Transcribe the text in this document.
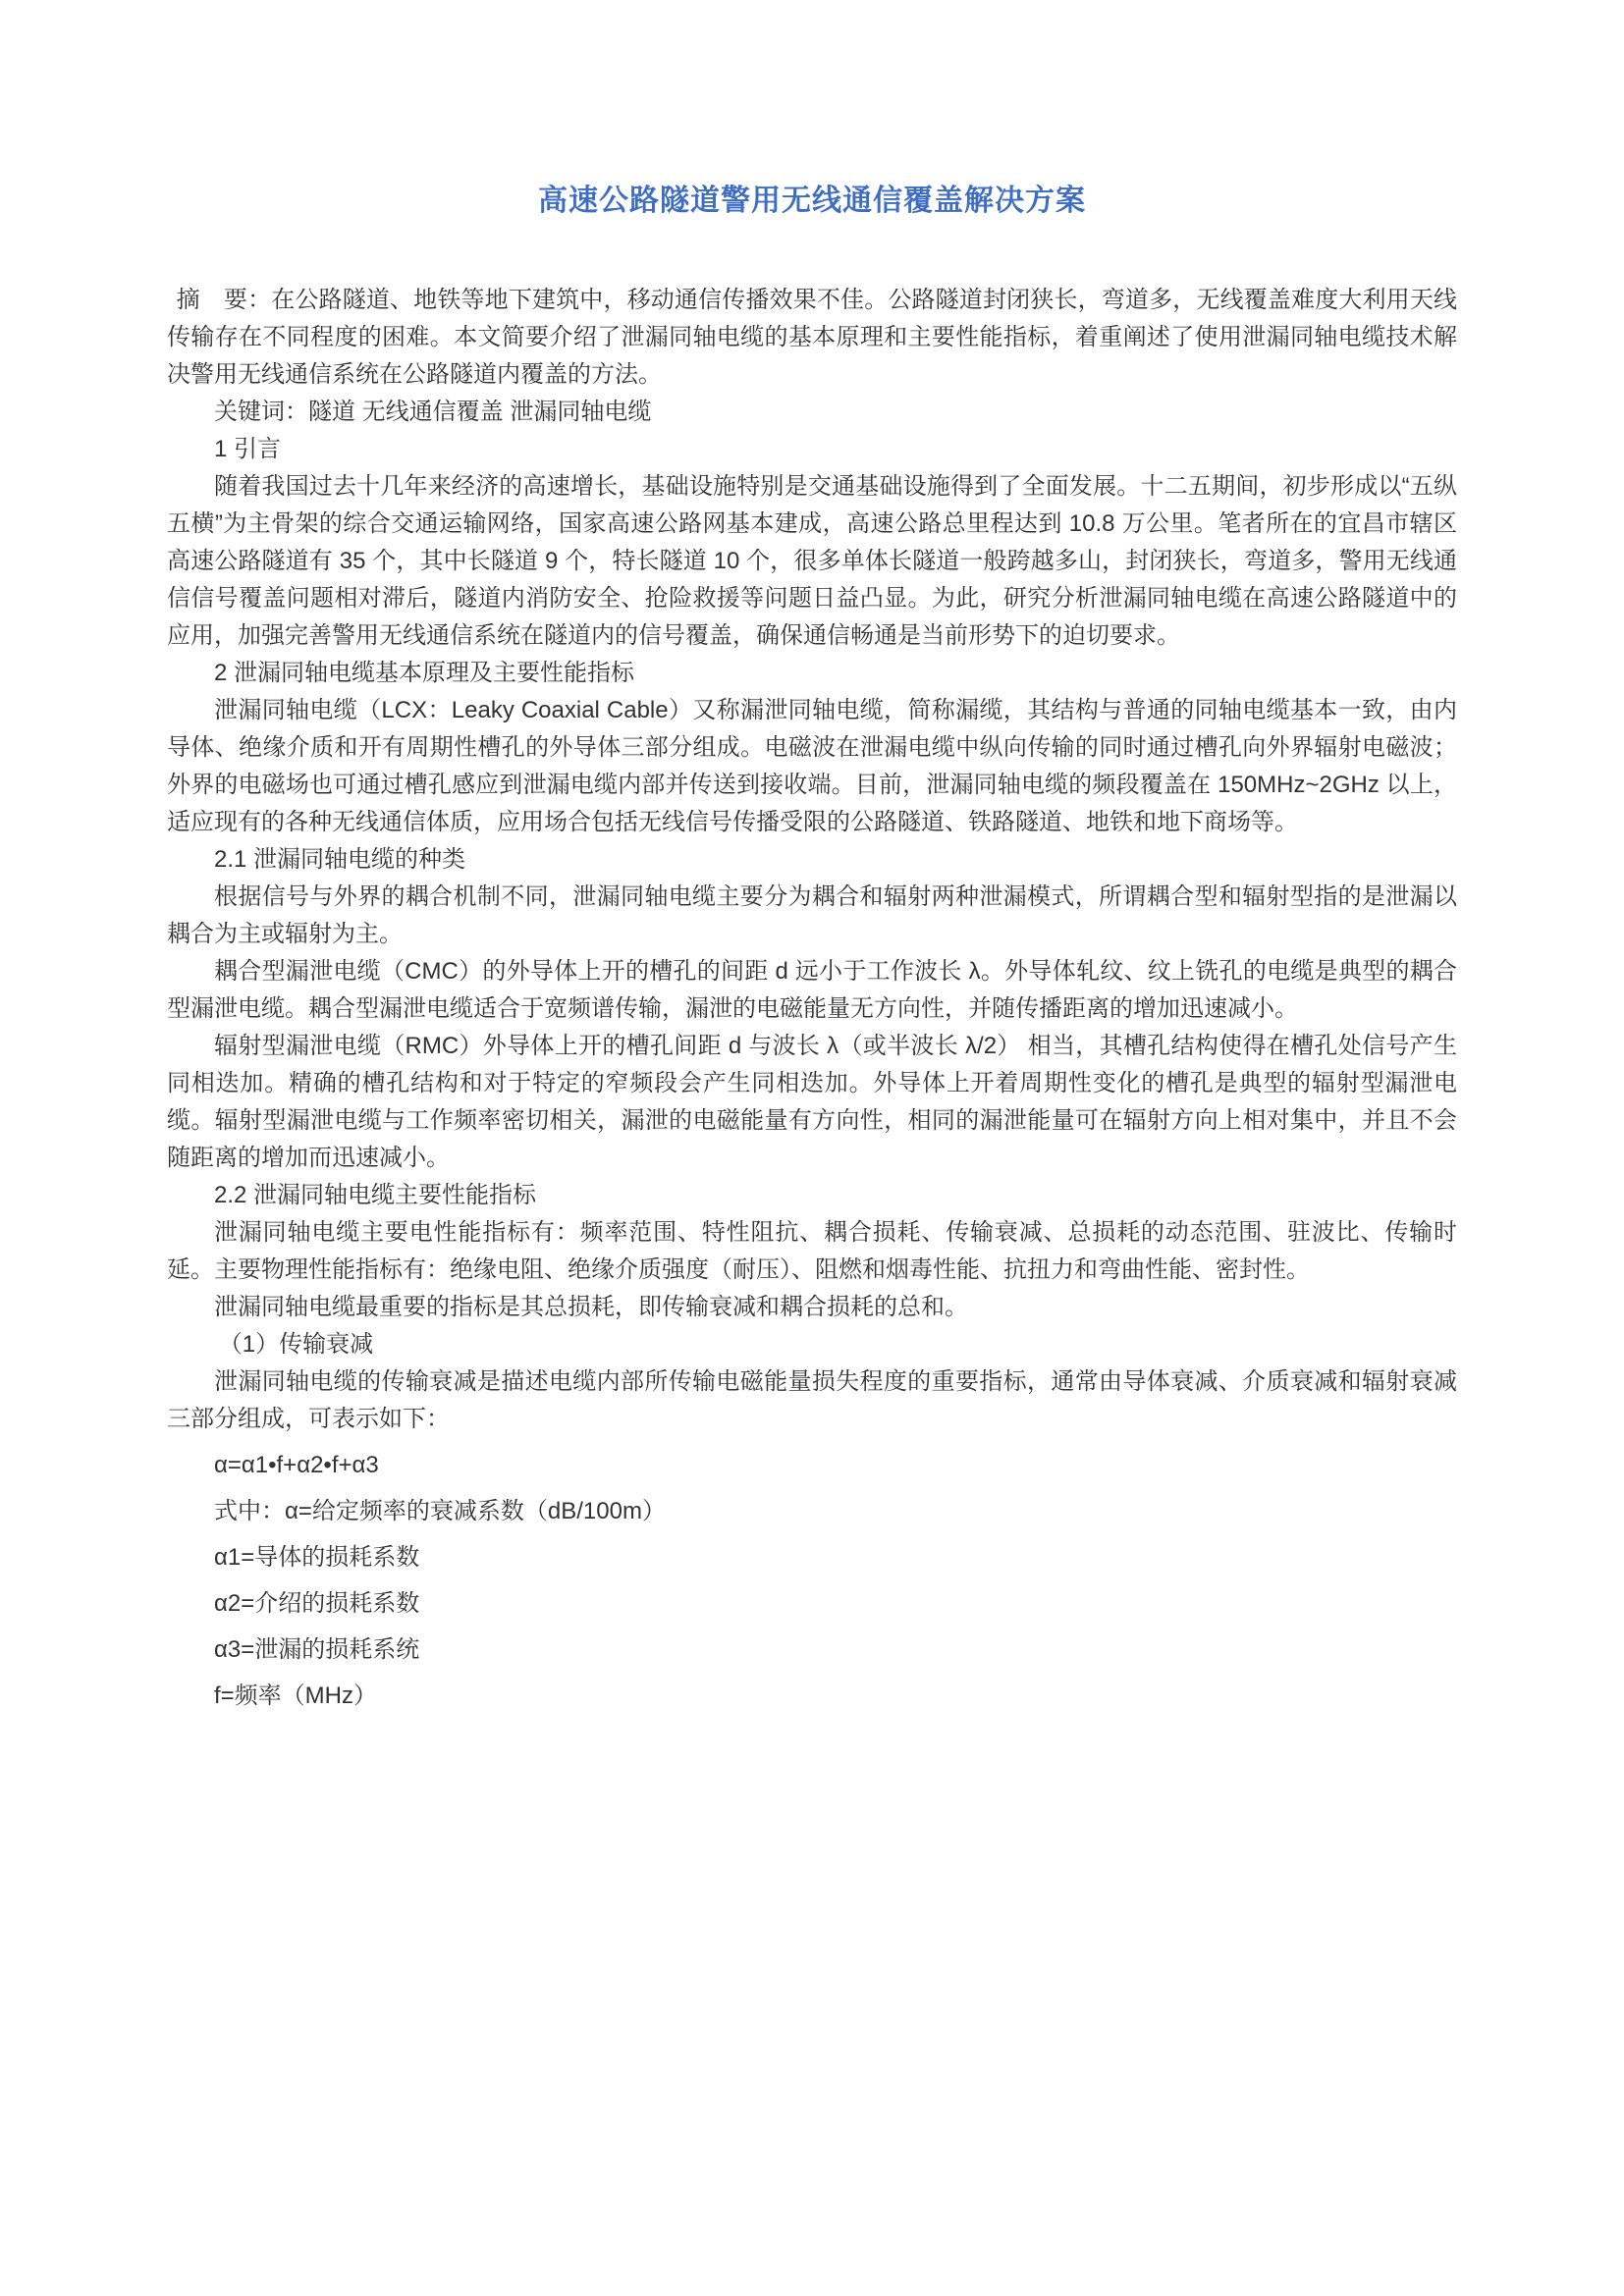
高速公路隧道警用无线通信覆盖解决方案

摘　要：在公路隧道、地铁等地下建筑中，移动通信传播效果不佳。公路隧道封闭狭长，弯道多，无线覆盖难度大利用天线传输存在不同程度的困难。本文简要介绍了泄漏同轴电缆的基本原理和主要性能指标，着重阐述了使用泄漏同轴电缆技术解决警用无线通信系统在公路隧道内覆盖的方法。

关键词：隧道 无线通信覆盖 泄漏同轴电缆

1 引言

随着我国过去十几年来经济的高速增长，基础设施特别是交通基础设施得到了全面发展。十二五期间，初步形成以“五纵五横”为主骨架的综合交通运输网络，国家高速公路网基本建成，高速公路总里程达到 10.8 万公里。笔者所在的宜昌市辖区高速公路隧道有 35 个，其中长隧道 9 个，特长隧道 10 个，很多单体长隧道一般跨越多山，封闭狭长，弯道多，警用无线通信信号覆盖问题相对滞后，隧道内消防安全、抢险救援等问题日益凸显。为此，研究分析泄漏同轴电缆在高速公路隧道中的应用，加强完善警用无线通信系统在隧道内的信号覆盖，确保通信畅通是当前形势下的迫切要求。

2 泄漏同轴电缆基本原理及主要性能指标

泄漏同轴电缆（LCX：Leaky Coaxial Cable）又称漏泄同轴电缆，简称漏缆，其结构与普通的同轴电缆基本一致，由内导体、绝缘介质和开有周期性槽孔的外导体三部分组成。电磁波在泄漏电缆中纵向传输的同时通过槽孔向外界辐射电磁波；外界的电磁场也可通过槽孔感应到泄漏电缆内部并传送到接收端。目前，泄漏同轴电缆的频段覆盖在 150MHz~2GHz 以上，适应现有的各种无线通信体质，应用场合包括无线信号传播受限的公路隧道、铁路隧道、地铁和地下商场等。

2.1 泄漏同轴电缆的种类

根据信号与外界的耦合机制不同，泄漏同轴电缆主要分为耦合和辐射两种泄漏模式，所谓耦合型和辐射型指的是泄漏以耦合为主或辐射为主。

耦合型漏泄电缆（CMC）的外导体上开的槽孔的间距 d 远小于工作波长 λ。外导体轧纹、纹上铣孔的电缆是典型的耦合型漏泄电缆。耦合型漏泄电缆适合于宽频谱传输，漏泄的电磁能量无方向性，并随传播距离的增加迅速减小。

辐射型漏泄电缆（RMC）外导体上开的槽孔间距 d 与波长 λ（或半波长 λ/2） 相当，其槽孔结构使得在槽孔处信号产生同相迭加。精确的槽孔结构和对于特定的窄频段会产生同相迭加。外导体上开着周期性变化的槽孔是典型的辐射型漏泄电缆。辐射型漏泄电缆与工作频率密切相关，漏泄的电磁能量有方向性，相同的漏泄能量可在辐射方向上相对集中，并且不会随距离的增加而迅速减小。

2.2 泄漏同轴电缆主要性能指标

泄漏同轴电缆主要电性能指标有：频率范围、特性阻抗、耦合损耗、传输衰减、总损耗的动态范围、驻波比、传输时延。主要物理性能指标有：绝缘电阻、绝缘介质强度（耐压）、阻燃和烟毒性能、抗扭力和弯曲性能、密封性。

泄漏同轴电缆最重要的指标是其总损耗，即传输衰减和耦合损耗的总和。

（1）传输衰减

泄漏同轴电缆的传输衰减是描述电缆内部所传输电磁能量损失程度的重要指标，通常由导体衰减、介质衰减和辐射衰减三部分组成，可表示如下：

α=α1•f+α2•f+α3

式中：α=给定频率的衰减系数（dB/100m）

α1=导体的损耗系数

α2=介绍的损耗系数

α3=泄漏的损耗系统

f=频率（MHz）
